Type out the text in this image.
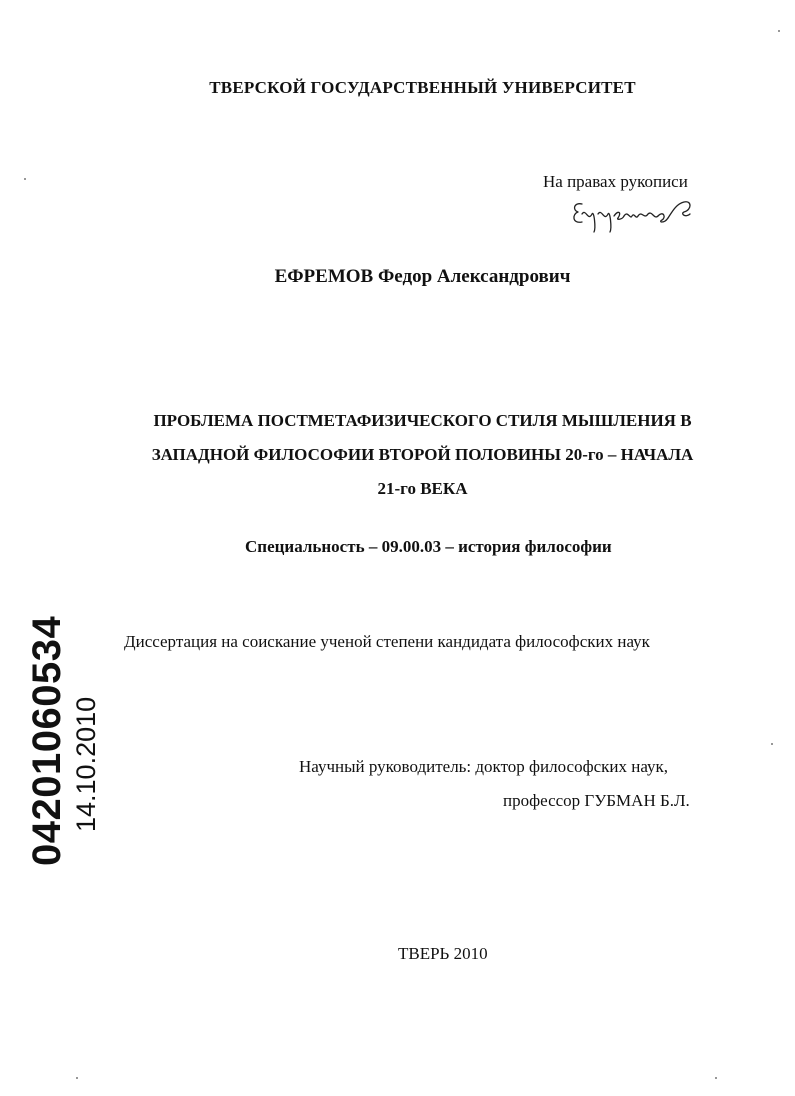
ТВЕРСКОЙ ГОСУДАРСТВЕННЫЙ УНИВЕРСИТЕТ
На правах рукописи
ЕФРЕМОВ Федор Александрович
ПРОБЛЕМА ПОСТМЕТАФИЗИЧЕСКОГО СТИЛЯ МЫШЛЕНИЯ В
ЗАПАДНОЙ ФИЛОСОФИИ ВТОРОЙ ПОЛОВИНЫ 20-го – НАЧАЛА
21-го ВЕКА
Специальность – 09.00.03 – история философии
Диссертация на соискание ученой степени кандидата философских наук
Научный руководитель: доктор философских наук,
профессор ГУБМАН Б.Л.
ТВЕРЬ 2010
04201060534 14.10.2010
